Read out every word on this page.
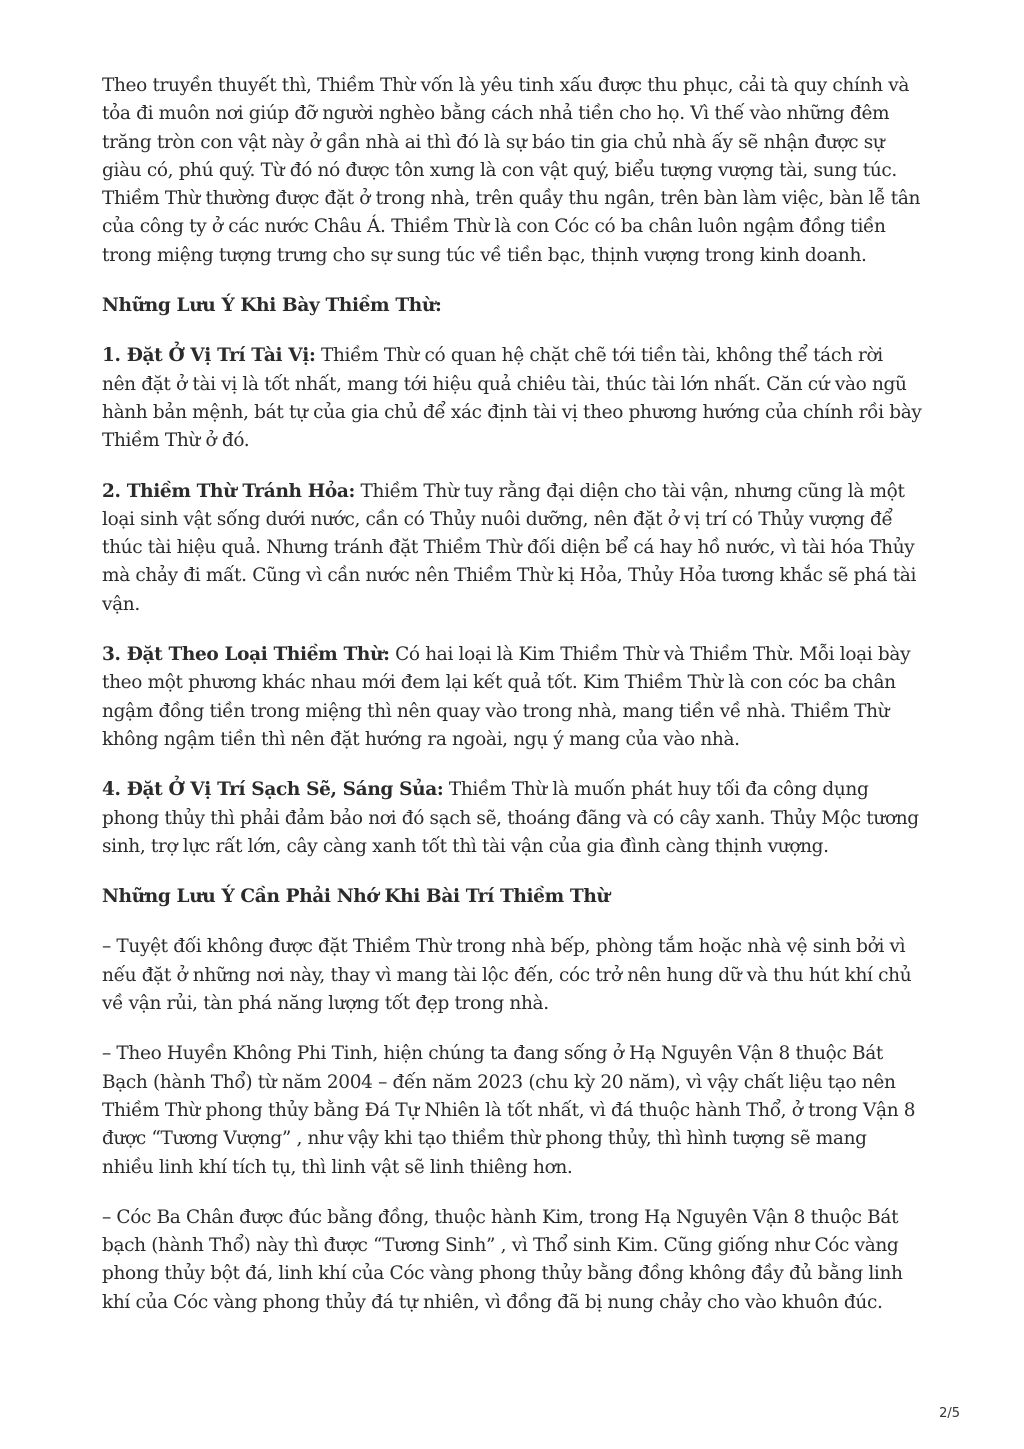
Theo truyền thuyết thì, Thiềm Thừ vốn là yêu tinh xấu được thu phục, cải tà quy chính và tỏa đi muôn nơi giúp đỡ người nghèo bằng cách nhả tiền cho họ. Vì thế vào những đêm trăng tròn con vật này ở gần nhà ai thì đó là sự báo tin gia chủ nhà ấy sẽ nhận được sự giàu có, phú quý. Từ đó nó được tôn xưng là con vật quý, biểu tượng vượng tài, sung túc. Thiềm Thừ thường được đặt ở trong nhà, trên quầy thu ngân, trên bàn làm việc, bàn lễ tân của công ty ở các nước Châu Á. Thiềm Thừ là con Cóc có ba chân luôn ngậm đồng tiền trong miệng tượng trưng cho sự sung túc về tiền bạc, thịnh vượng trong kinh doanh.

Những Lưu Ý Khi Bày Thiềm Thừ:

1. Đặt Ở Vị Trí Tài Vị: Thiềm Thừ có quan hệ chặt chẽ tới tiền tài, không thể tách rời nên đặt ở tài vị là tốt nhất, mang tới hiệu quả chiêu tài, thúc tài lớn nhất. Căn cứ vào ngũ hành bản mệnh, bát tự của gia chủ để xác định tài vị theo phương hướng của chính rồi bày Thiềm Thừ ở đó.

2. Thiềm Thừ Tránh Hỏa: Thiềm Thừ tuy rằng đại diện cho tài vận, nhưng cũng là một loại sinh vật sống dưới nước, cần có Thủy nuôi dưỡng, nên đặt ở vị trí có Thủy vượng để thúc tài hiệu quả. Nhưng tránh đặt Thiềm Thừ đối diện bể cá hay hồ nước, vì tài hóa Thủy mà chảy đi mất. Cũng vì cần nước nên Thiềm Thừ kị Hỏa, Thủy Hỏa tương khắc sẽ phá tài vận.

3. Đặt Theo Loại Thiềm Thừ: Có hai loại là Kim Thiềm Thừ và Thiềm Thừ. Mỗi loại bày theo một phương khác nhau mới đem lại kết quả tốt. Kim Thiềm Thừ là con cóc ba chân ngậm đồng tiền trong miệng thì nên quay vào trong nhà, mang tiền về nhà. Thiềm Thừ không ngậm tiền thì nên đặt hướng ra ngoài, ngụ ý mang của vào nhà.

4. Đặt Ở Vị Trí Sạch Sẽ, Sáng Sủa: Thiềm Thừ là muốn phát huy tối đa công dụng phong thủy thì phải đảm bảo nơi đó sạch sẽ, thoáng đãng và có cây xanh. Thủy Mộc tương sinh, trợ lực rất lớn, cây càng xanh tốt thì tài vận của gia đình càng thịnh vượng.

Những Lưu Ý Cần Phải Nhớ Khi Bài Trí Thiềm Thừ

– Tuyệt đối không được đặt Thiềm Thừ trong nhà bếp, phòng tắm hoặc nhà vệ sinh bởi vì nếu đặt ở những nơi này, thay vì mang tài lộc đến, cóc trở nên hung dữ và thu hút khí chủ về vận rủi, tàn phá năng lượng tốt đẹp trong nhà.

– Theo Huyền Không Phi Tinh, hiện chúng ta đang sống ở Hạ Nguyên Vận 8 thuộc Bát Bạch (hành Thổ) từ năm 2004 – đến năm 2023 (chu kỳ 20 năm), vì vậy chất liệu tạo nên Thiềm Thừ phong thủy bằng Đá Tự Nhiên là tốt nhất, vì đá thuộc hành Thổ, ở trong Vận 8 được “Tương Vượng” , như vậy khi tạo thiềm thừ phong thủy, thì hình tượng sẽ mang nhiều linh khí tích tụ, thì linh vật sẽ linh thiêng hơn.

– Cóc Ba Chân được đúc bằng đồng, thuộc hành Kim, trong Hạ Nguyên Vận 8 thuộc Bát bạch (hành Thổ) này thì được “Tương Sinh” , vì Thổ sinh Kim. Cũng giống như Cóc vàng phong thủy bột đá, linh khí của Cóc vàng phong thủy bằng đồng không đầy đủ bằng linh khí của Cóc vàng phong thủy đá tự nhiên, vì đồng đã bị nung chảy cho vào khuôn đúc.

2/5
